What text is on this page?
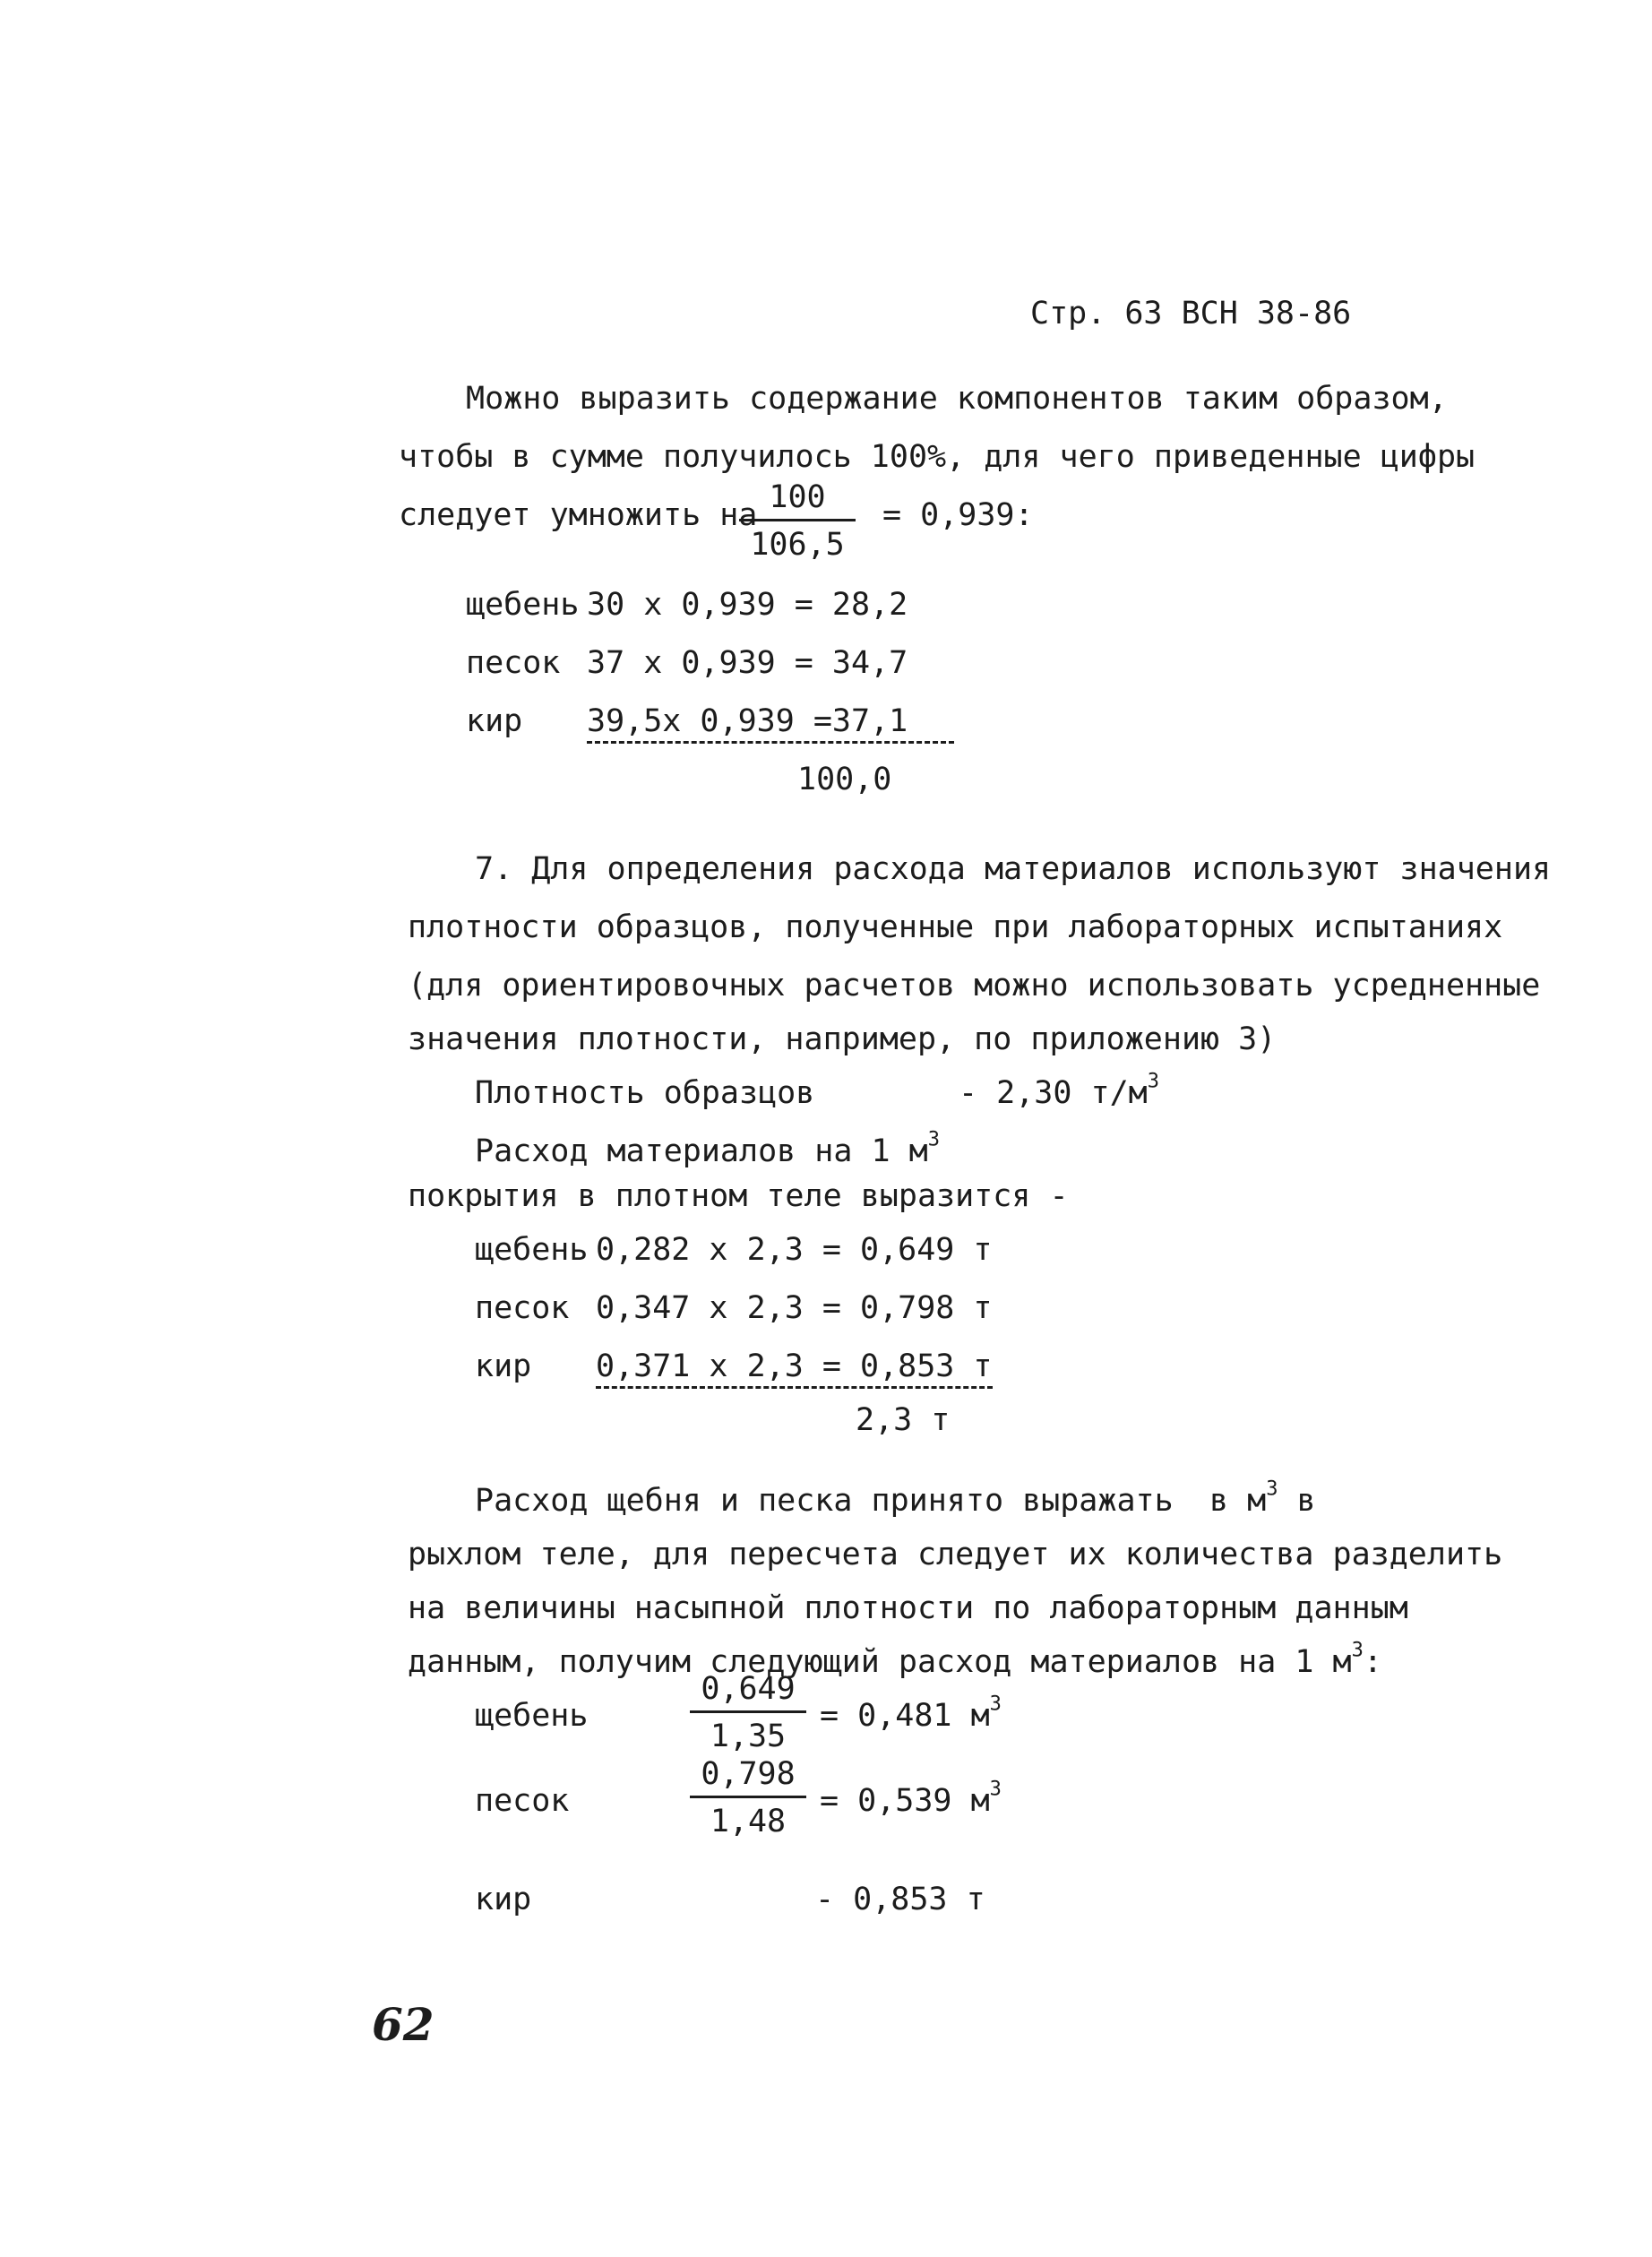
Стр. 63 ВСН 38-86
Можно выразить содержание компонентов таким образом,
чтобы в сумме получилось 100%, для чего приведенные цифры
следует умножить на
$\frac{100}{106,5} = 0,939$:
щебень 30 х 0,939 = 28,2
песок 37 х 0,939 = 34,7
кир 39,5х 0,939 =37,1
100,0
7. Для определения расхода материалов используют значения
плотности образцов, полученные при лабораторных испытаниях
(для ориентировочных расчетов можно использовать усредненные
значения плотности, например, по приложению 3)
Плотность образцов	- 2,30 $т/м^3$
Расход материалов на 1 $м^3$
покрытия в плотном теле выразится -
щебень 0,282 х 2,3 = 0,649 т
песок 0,347 х 2,3 = 0,798 т
кир 0,371 х 2,3 = 0,853 т
2,3 т
Расход щебня и песка принято выражать в $м^3$ в
рыхлом теле, для пересчета следует их количества разделить
на величины насыпной плотности по лабораторным данным
данным, получим следующий расход материалов на 1 $м^3$:
щебень	$\frac{0,649}{1,35} = 0,481$ $м^3$
песок	$\frac{0,798}{1,48} = 0,539$ $м^3$
кир	- 0,853 т
62
